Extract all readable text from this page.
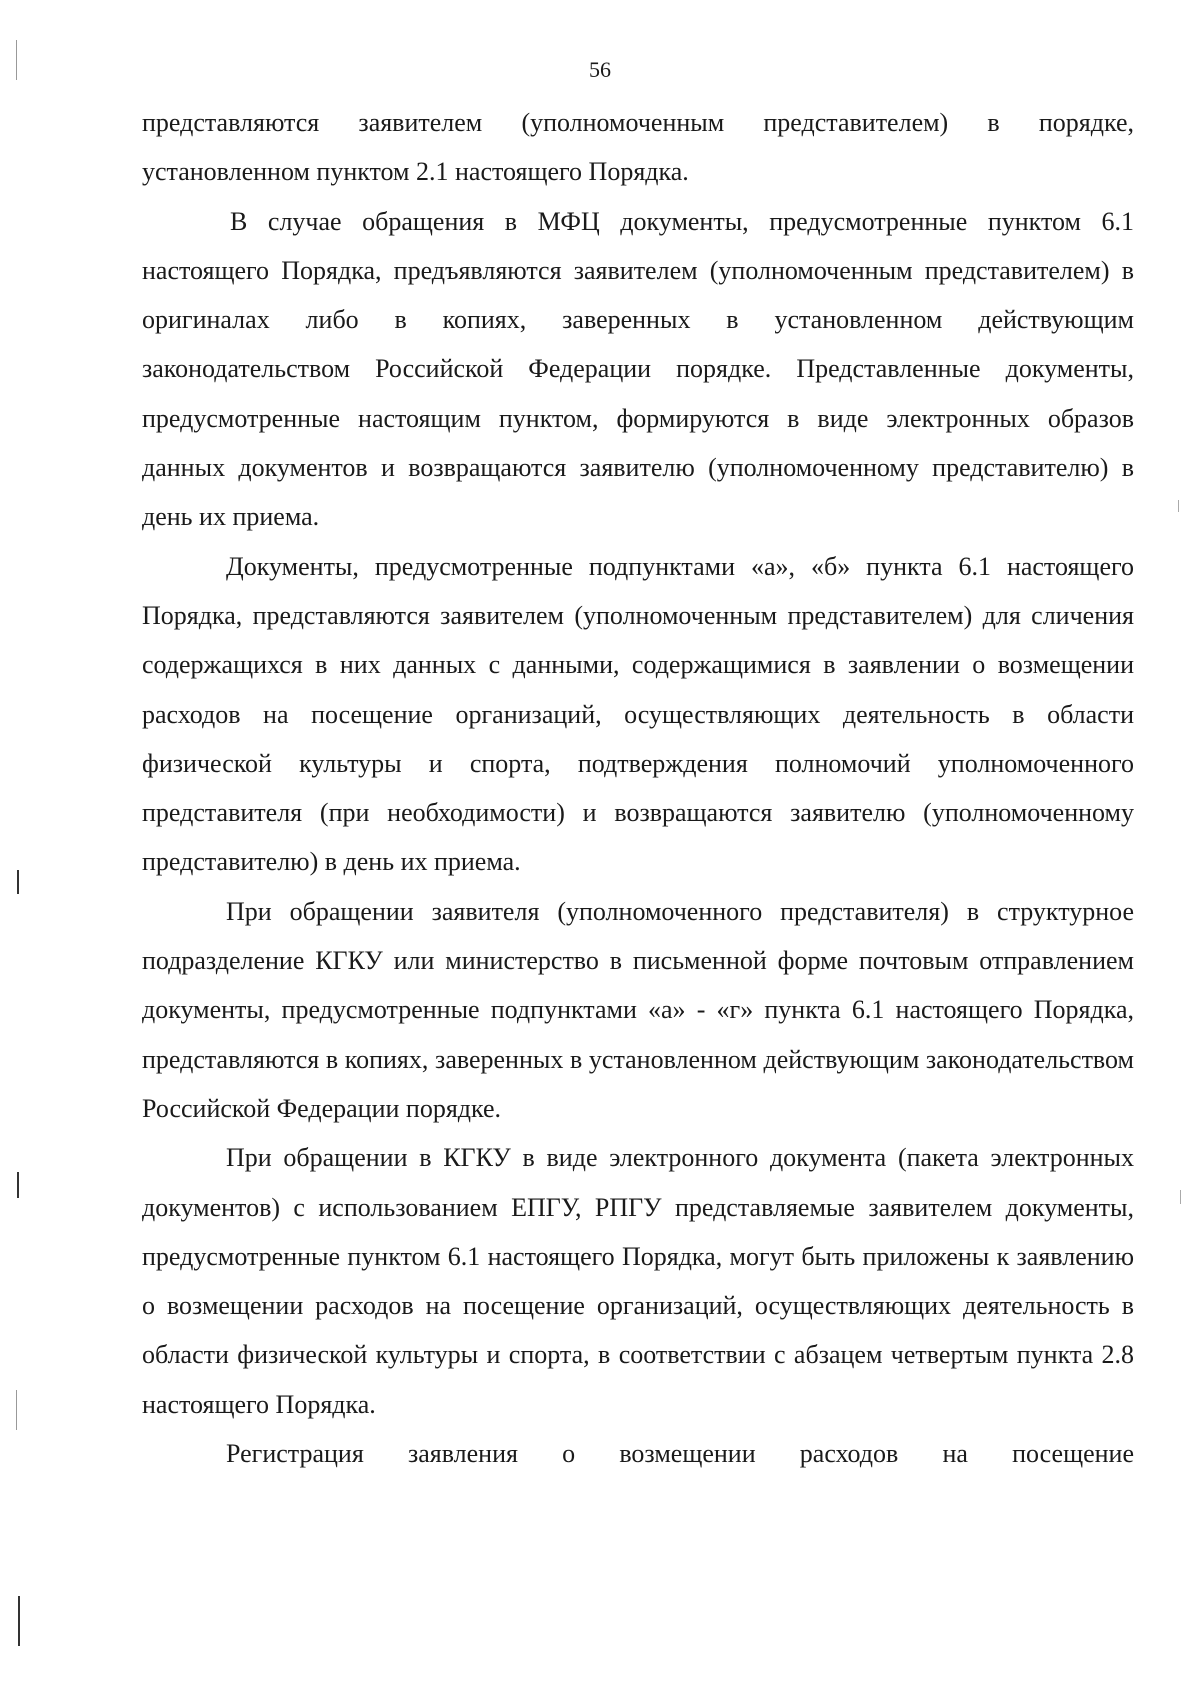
56

представляются заявителем (уполномоченным представителем) в порядке, установленном пунктом 2.1 настоящего Порядка.

В случае обращения в МФЦ документы, предусмотренные пунктом 6.1 настоящего Порядка, предъявляются заявителем (уполномоченным представителем) в оригиналах либо в копиях, заверенных в установленном действующим законодательством Российской Федерации порядке. Представленные документы, предусмотренные настоящим пунктом, формируются в виде электронных образов данных документов и возвращаются заявителю (уполномоченному представителю) в день их приема.

Документы, предусмотренные подпунктами «а», «б» пункта 6.1 настоящего Порядка, представляются заявителем (уполномоченным представителем) для сличения содержащихся в них данных с данными, содержащимися в заявлении о возмещении расходов на посещение организаций, осуществляющих деятельность в области физической культуры и спорта, подтверждения полномочий уполномоченного представителя (при необходимости) и возвращаются заявителю (уполномоченному представителю) в день их приема.

При обращении заявителя (уполномоченного представителя) в структурное подразделение КГКУ или министерство в письменной форме почтовым отправлением документы, предусмотренные подпунктами «а» - «г» пункта 6.1 настоящего Порядка, представляются в копиях, заверенных в установленном действующим законодательством Российской Федерации порядке.

При обращении в КГКУ в виде электронного документа (пакета электронных документов) с использованием ЕПГУ, РПГУ представляемые заявителем документы, предусмотренные пунктом 6.1 настоящего Порядка, могут быть приложены к заявлению о возмещении расходов на посещение организаций, осуществляющих деятельность в области физической культуры и спорта, в соответствии с абзацем четвертым пункта 2.8 настоящего Порядка.

Регистрация заявления о возмещении расходов на посещение
